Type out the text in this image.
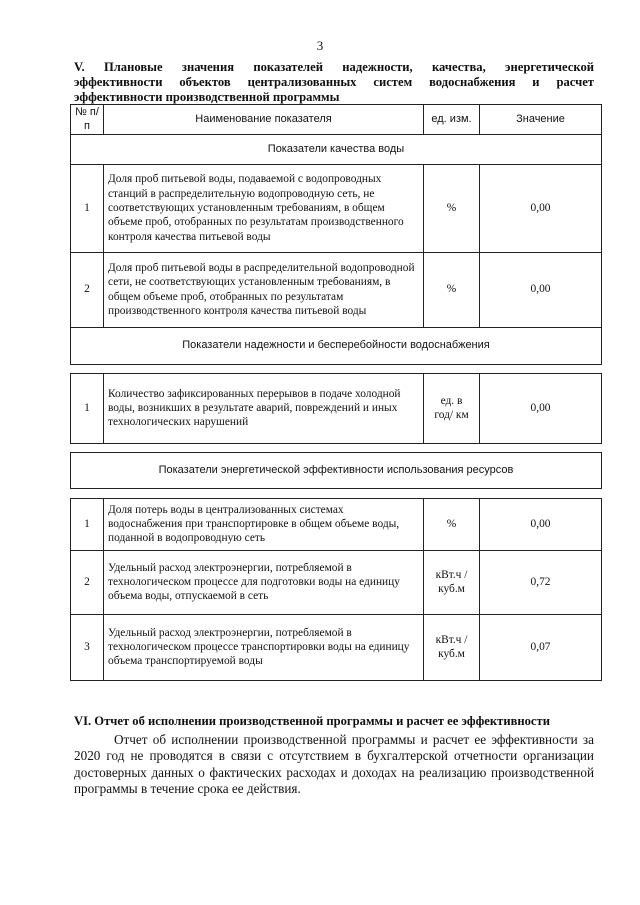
3
V. Плановые значения показателей надежности, качества, энергетической
эффективности объектов централизованных систем водоснабжения и расчет
эффективности производственной программы
№ п/п	Наименование показателя	ед. изм.	Значение
Показатели качества воды			
1	Доля проб питьевой воды, подаваемой с водопроводных станций в распределительную водопроводную сеть, не соответствующих установленным требованиям, в общем объеме проб, отобранных по результатам производственного контроля качества питьевой воды	%	0,00
2	Доля проб питьевой воды в распределительной водопроводной сети, не соответствующих установленным требованиям, в общем объеме проб, отобранных по результатам производственного контроля качества питьевой воды	%	0,00
Показатели надежности и бесперебойности водоснабжения			

1	Количество зафиксированных перерывов в подаче холодной воды, возникших в результате аварий, повреждений и иных технологических нарушений	ед. в год/ км	0,00

Показатели энергетической эффективности использования ресурсов			

1	Доля потерь воды в централизованных системах водоснабжения при транспортировке в общем объеме воды, поданной в водопроводную сеть	%	0,00
2	Удельный расход электроэнергии, потребляемой в технологическом процессе для подготовки воды на единицу объема воды, отпускаемой в сеть	кВт.ч / куб.м	0,72
3	Удельный расход электроэнергии, потребляемой в технологическом процессе транспортировки воды на единицу объема транспортируемой воды	кВт.ч / куб.м	0,07
VI. Отчет об исполнении производственной программы и расчет ее эффективности
Отчет об исполнении производственной программы и расчет ее эффективности за 2020 год не проводятся в связи с отсутствием в бухгалтерской отчетности организации достоверных данных о фактических расходах и доходах на реализацию производственной программы в течение срока ее действия.
